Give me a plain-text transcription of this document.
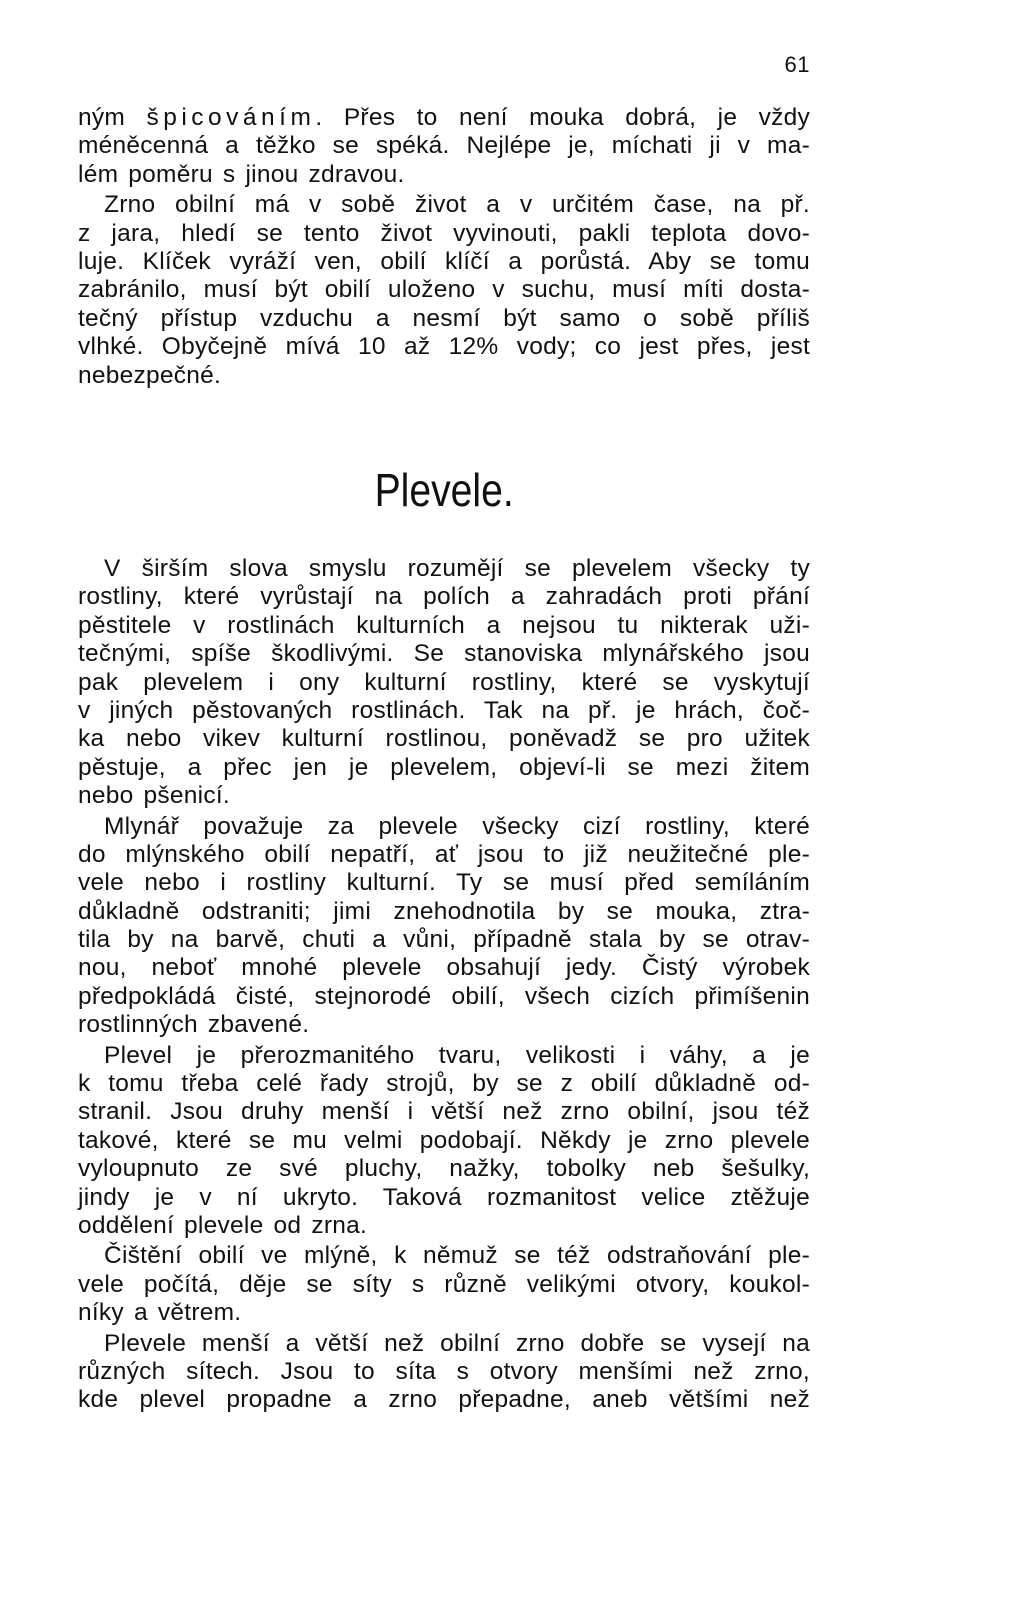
61
ným špicováním. Přes to není mouka dobrá, je vždy
méněcenná a těžko se spéká. Nejlépe je, míchati ji v ma-
lém poměru s jinou zdravou.
Zrno obilní má v sobě život a v určitém čase, na př.
z jara, hledí se tento život vyvinouti, pakli teplota dovo-
luje. Klíček vyráží ven, obilí klíčí a porůstá. Aby se tomu
zabránilo, musí být obilí uloženo v suchu, musí míti dosta-
tečný přístup vzduchu a nesmí být samo o sobě příliš
vlhké. Obyčejně mívá 10 až 12% vody; co jest přes, jest
nebezpečné.
Plevele.
V širším slova smyslu rozumějí se plevelem všecky ty
rostliny, které vyrůstají na polích a zahradách proti přání
pěstitele v rostlinách kulturních a nejsou tu nikterak uži-
tečnými, spíše škodlivými. Se stanoviska mlynářského jsou
pak plevelem i ony kulturní rostliny, které se vyskytují
v jiných pěstovaných rostlinách. Tak na př. je hrách, čoč-
ka nebo vikev kulturní rostlinou, poněvadž se pro užitek
pěstuje, a přec jen je plevelem, objeví-li se mezi žitem
nebo pšenicí.
Mlynář považuje za plevele všecky cizí rostliny, které
do mlýnského obilí nepatří, ať jsou to již neužitečné ple-
vele nebo i rostliny kulturní. Ty se musí před semíláním
důkladně odstraniti; jimi znehodnotila by se mouka, ztra-
tila by na barvě, chuti a vůni, případně stala by se otrav-
nou, neboť mnohé plevele obsahují jedy. Čistý výrobek
předpokládá čisté, stejnorodé obilí, všech cizích přimíšenin
rostlinných zbavené.
Plevel je přerozmanitého tvaru, velikosti i váhy, a je
k tomu třeba celé řady strojů, by se z obilí důkladně od-
stranil. Jsou druhy menší i větší než zrno obilní, jsou též
takové, které se mu velmi podobají. Někdy je zrno plevele
vyloupnuto ze své pluchy, nažky, tobolky neb šešulky,
jindy je v ní ukryto. Taková rozmanitost velice ztěžuje
oddělení plevele od zrna.
Čištění obilí ve mlýně, k němuž se též odstraňování ple-
vele počítá, děje se síty s různě velikými otvory, koukol-
níky a větrem.
Plevele menší a větší než obilní zrno dobře se vysejí na
různých sítech. Jsou to síta s otvory menšími než zrno,
kde plevel propadne a zrno přepadne, aneb většími než
